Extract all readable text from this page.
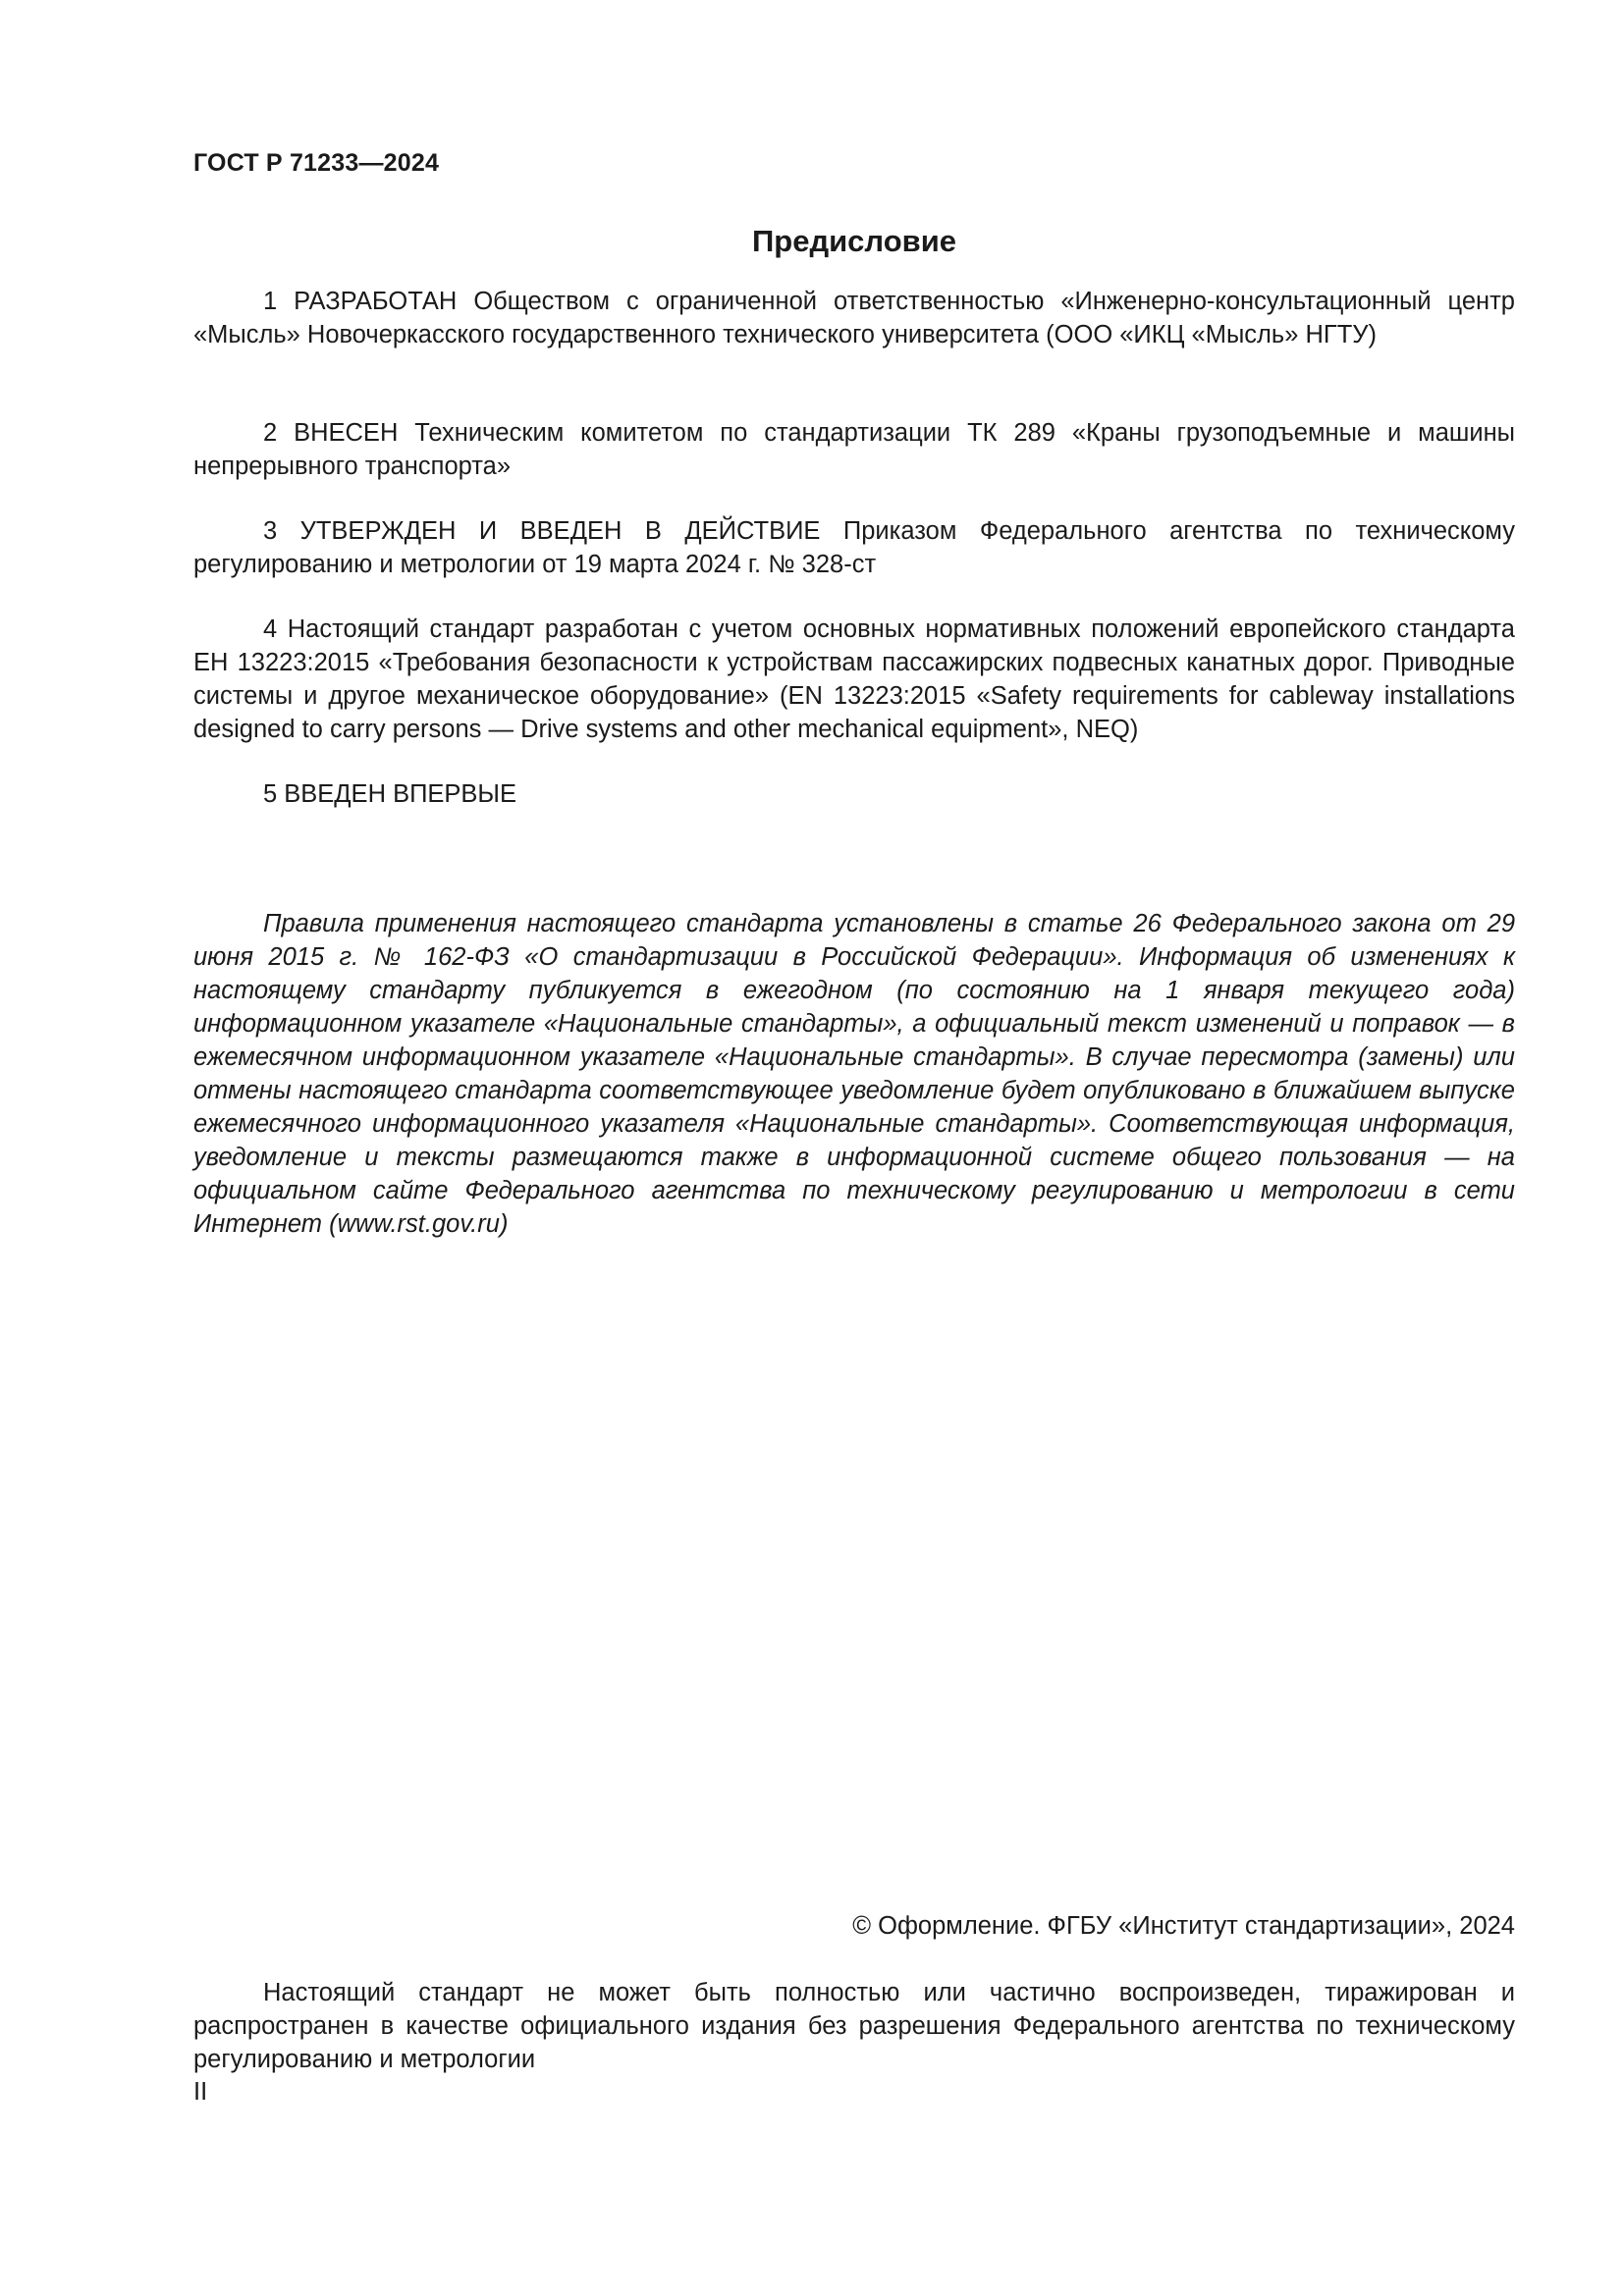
ГОСТ Р 71233—2024
Предисловие

1 РАЗРАБОТАН Обществом с ограниченной ответственностью «Инженерно-консультационный центр «Мысль» Новочеркасского государственного технического университета (ООО «ИКЦ «Мысль» НГТУ)

2 ВНЕСЕН Техническим комитетом по стандартизации ТК 289 «Краны грузоподъемные и машины непрерывного транспорта»

3 УТВЕРЖДЕН И ВВЕДЕН В ДЕЙСТВИЕ Приказом Федерального агентства по техническому регулированию и метрологии от 19 марта 2024 г. № 328-ст

4 Настоящий стандарт разработан с учетом основных нормативных положений европейского стандарта ЕН 13223:2015 «Требования безопасности к устройствам пассажирских подвесных канатных дорог. Приводные системы и другое механическое оборудование» (EN 13223:2015 «Safety requirements for cableway installations designed to carry persons — Drive systems and other mechanical equipment», NEQ)

5 ВВЕДЕН ВПЕРВЫЕ

Правила применения настоящего стандарта установлены в статье 26 Федерального закона от 29 июня 2015 г. № 162-ФЗ «О стандартизации в Российской Федерации». Информация об изменениях к настоящему стандарту публикуется в ежегодном (по состоянию на 1 января текущего года) информационном указателе «Национальные стандарты», а официальный текст изменений и поправок — в ежемесячном информационном указателе «Национальные стандарты». В случае пересмотра (замены) или отмены настоящего стандарта соответствующее уведомление будет опубликовано в ближайшем выпуске ежемесячного информационного указателя «Национальные стандарты». Соответствующая информация, уведомление и тексты размещаются также в информационной системе общего пользования — на официальном сайте Федерального агентства по техническому регулированию и метрологии в сети Интернет (www.rst.gov.ru)

© Оформление. ФГБУ «Институт стандартизации», 2024

Настоящий стандарт не может быть полностью или частично воспроизведен, тиражирован и распространен в качестве официального издания без разрешения Федерального агентства по техническому регулированию и метрологии

II
